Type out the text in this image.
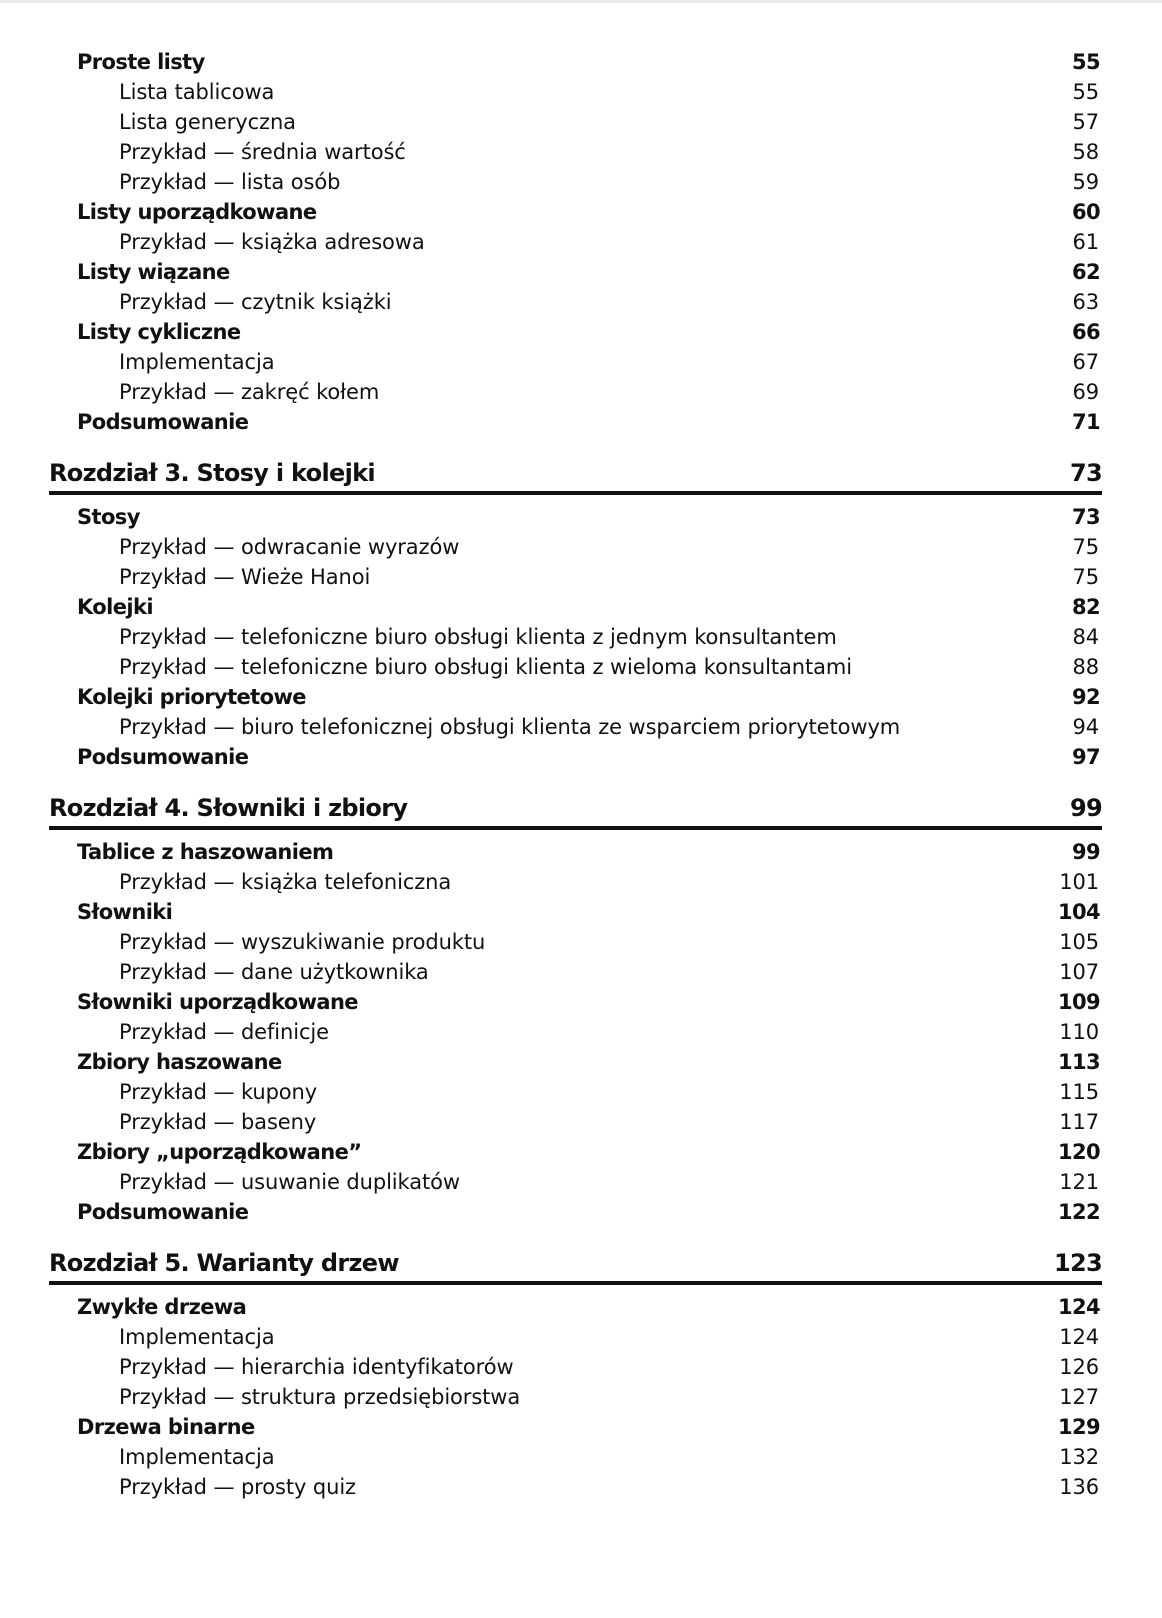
Proste listy	55
Lista tablicowa	55
Lista generyczna	57
Przykład — średnia wartość	58
Przykład — lista osób	59
Listy uporządkowane	60
Przykład — książka adresowa	61
Listy wiązane	62
Przykład — czytnik książki	63
Listy cykliczne	66
Implementacja	67
Przykład — zakręć kołem	69
Podsumowanie	71
Rozdział 3. Stosy i kolejki	73
Stosy	73
Przykład — odwracanie wyrazów	75
Przykład — Wieże Hanoi	75
Kolejki	82
Przykład — telefoniczne biuro obsługi klienta z jednym konsultantem	84
Przykład — telefoniczne biuro obsługi klienta z wieloma konsultantami	88
Kolejki priorytetowe	92
Przykład — biuro telefonicznej obsługi klienta ze wsparciem priorytetowym	94
Podsumowanie	97
Rozdział 4. Słowniki i zbiory	99
Tablice z haszowaniem	99
Przykład — książka telefoniczna	101
Słowniki	104
Przykład — wyszukiwanie produktu	105
Przykład — dane użytkownika	107
Słowniki uporządkowane	109
Przykład — definicje	110
Zbiory haszowane	113
Przykład — kupony	115
Przykład — baseny	117
Zbiory „uporządkowane”	120
Przykład — usuwanie duplikatów	121
Podsumowanie	122
Rozdział 5. Warianty drzew	123
Zwykłe drzewa	124
Implementacja	124
Przykład — hierarchia identyfikatorów	126
Przykład — struktura przedsiębiorstwa	127
Drzewa binarne	129
Implementacja	132
Przykład — prosty quiz	136
